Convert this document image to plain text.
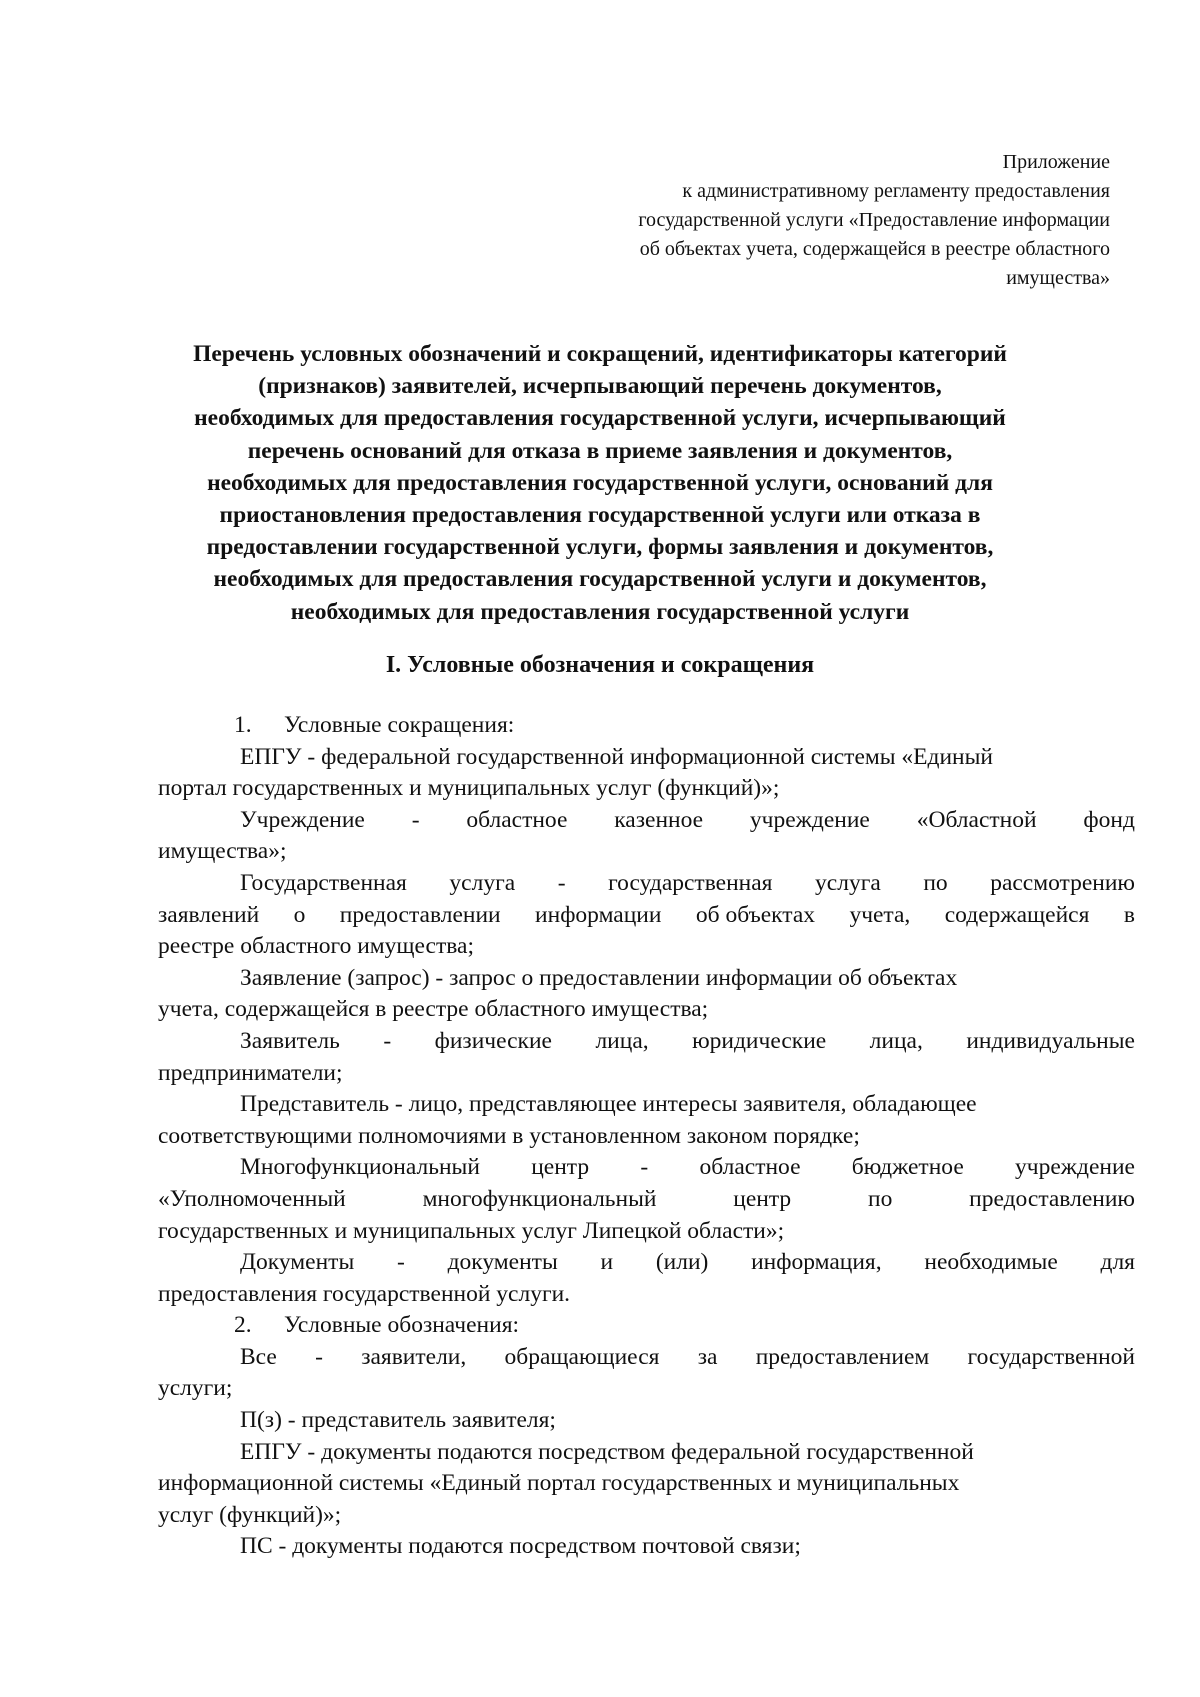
Приложение
к административному регламенту предоставления
государственной услуги «Предоставление информации
об объектах учета, содержащейся в реестре областного
имущества»
Перечень условных обозначений и сокращений, идентификаторы категорий
(признаков) заявителей, исчерпывающий перечень документов,
необходимых для предоставления государственной услуги, исчерпывающий
перечень оснований для отказа в приеме заявления и документов,
необходимых для предоставления государственной услуги, оснований для
приостановления предоставления государственной услуги или отказа в
предоставлении государственной услуги, формы заявления и документов,
необходимых для предоставления государственной услуги и документов,
необходимых для предоставления государственной услуги
I. Условные обозначения и сокращения
1. Условные сокращения:
ЕПГУ - федеральной государственной информационной системы «Единый
портал государственных и муниципальных услуг (функций)»;
Учреждение - областное казенное учреждение «Областной фонд
имущества»;
Государственная услуга - государственная услуга по рассмотрению
заявлений о предоставлении информации об объектах учета, содержащейся в
реестре областного имущества;
Заявление (запрос) - запрос о предоставлении информации об объектах
учета, содержащейся в реестре областного имущества;
Заявитель - физические лица, юридические лица, индивидуальные
предприниматели;
Представитель - лицо, представляющее интересы заявителя, обладающее
соответствующими полномочиями в установленном законом порядке;
Многофункциональный центр - областное бюджетное учреждение
«Уполномоченный	многофункциональный	центр	по	предоставлению
государственных и муниципальных услуг Липецкой области»;
Документы - документы и (или) информация, необходимые для
предоставления государственной услуги.
2. Условные обозначения:
Все - заявители, обращающиеся за предоставлением государственной
услуги;
П(з) - представитель заявителя;
ЕПГУ - документы подаются посредством федеральной государственной
информационной системы «Единый портал государственных и муниципальных
услуг (функций)»;
ПС - документы подаются посредством почтовой связи;
